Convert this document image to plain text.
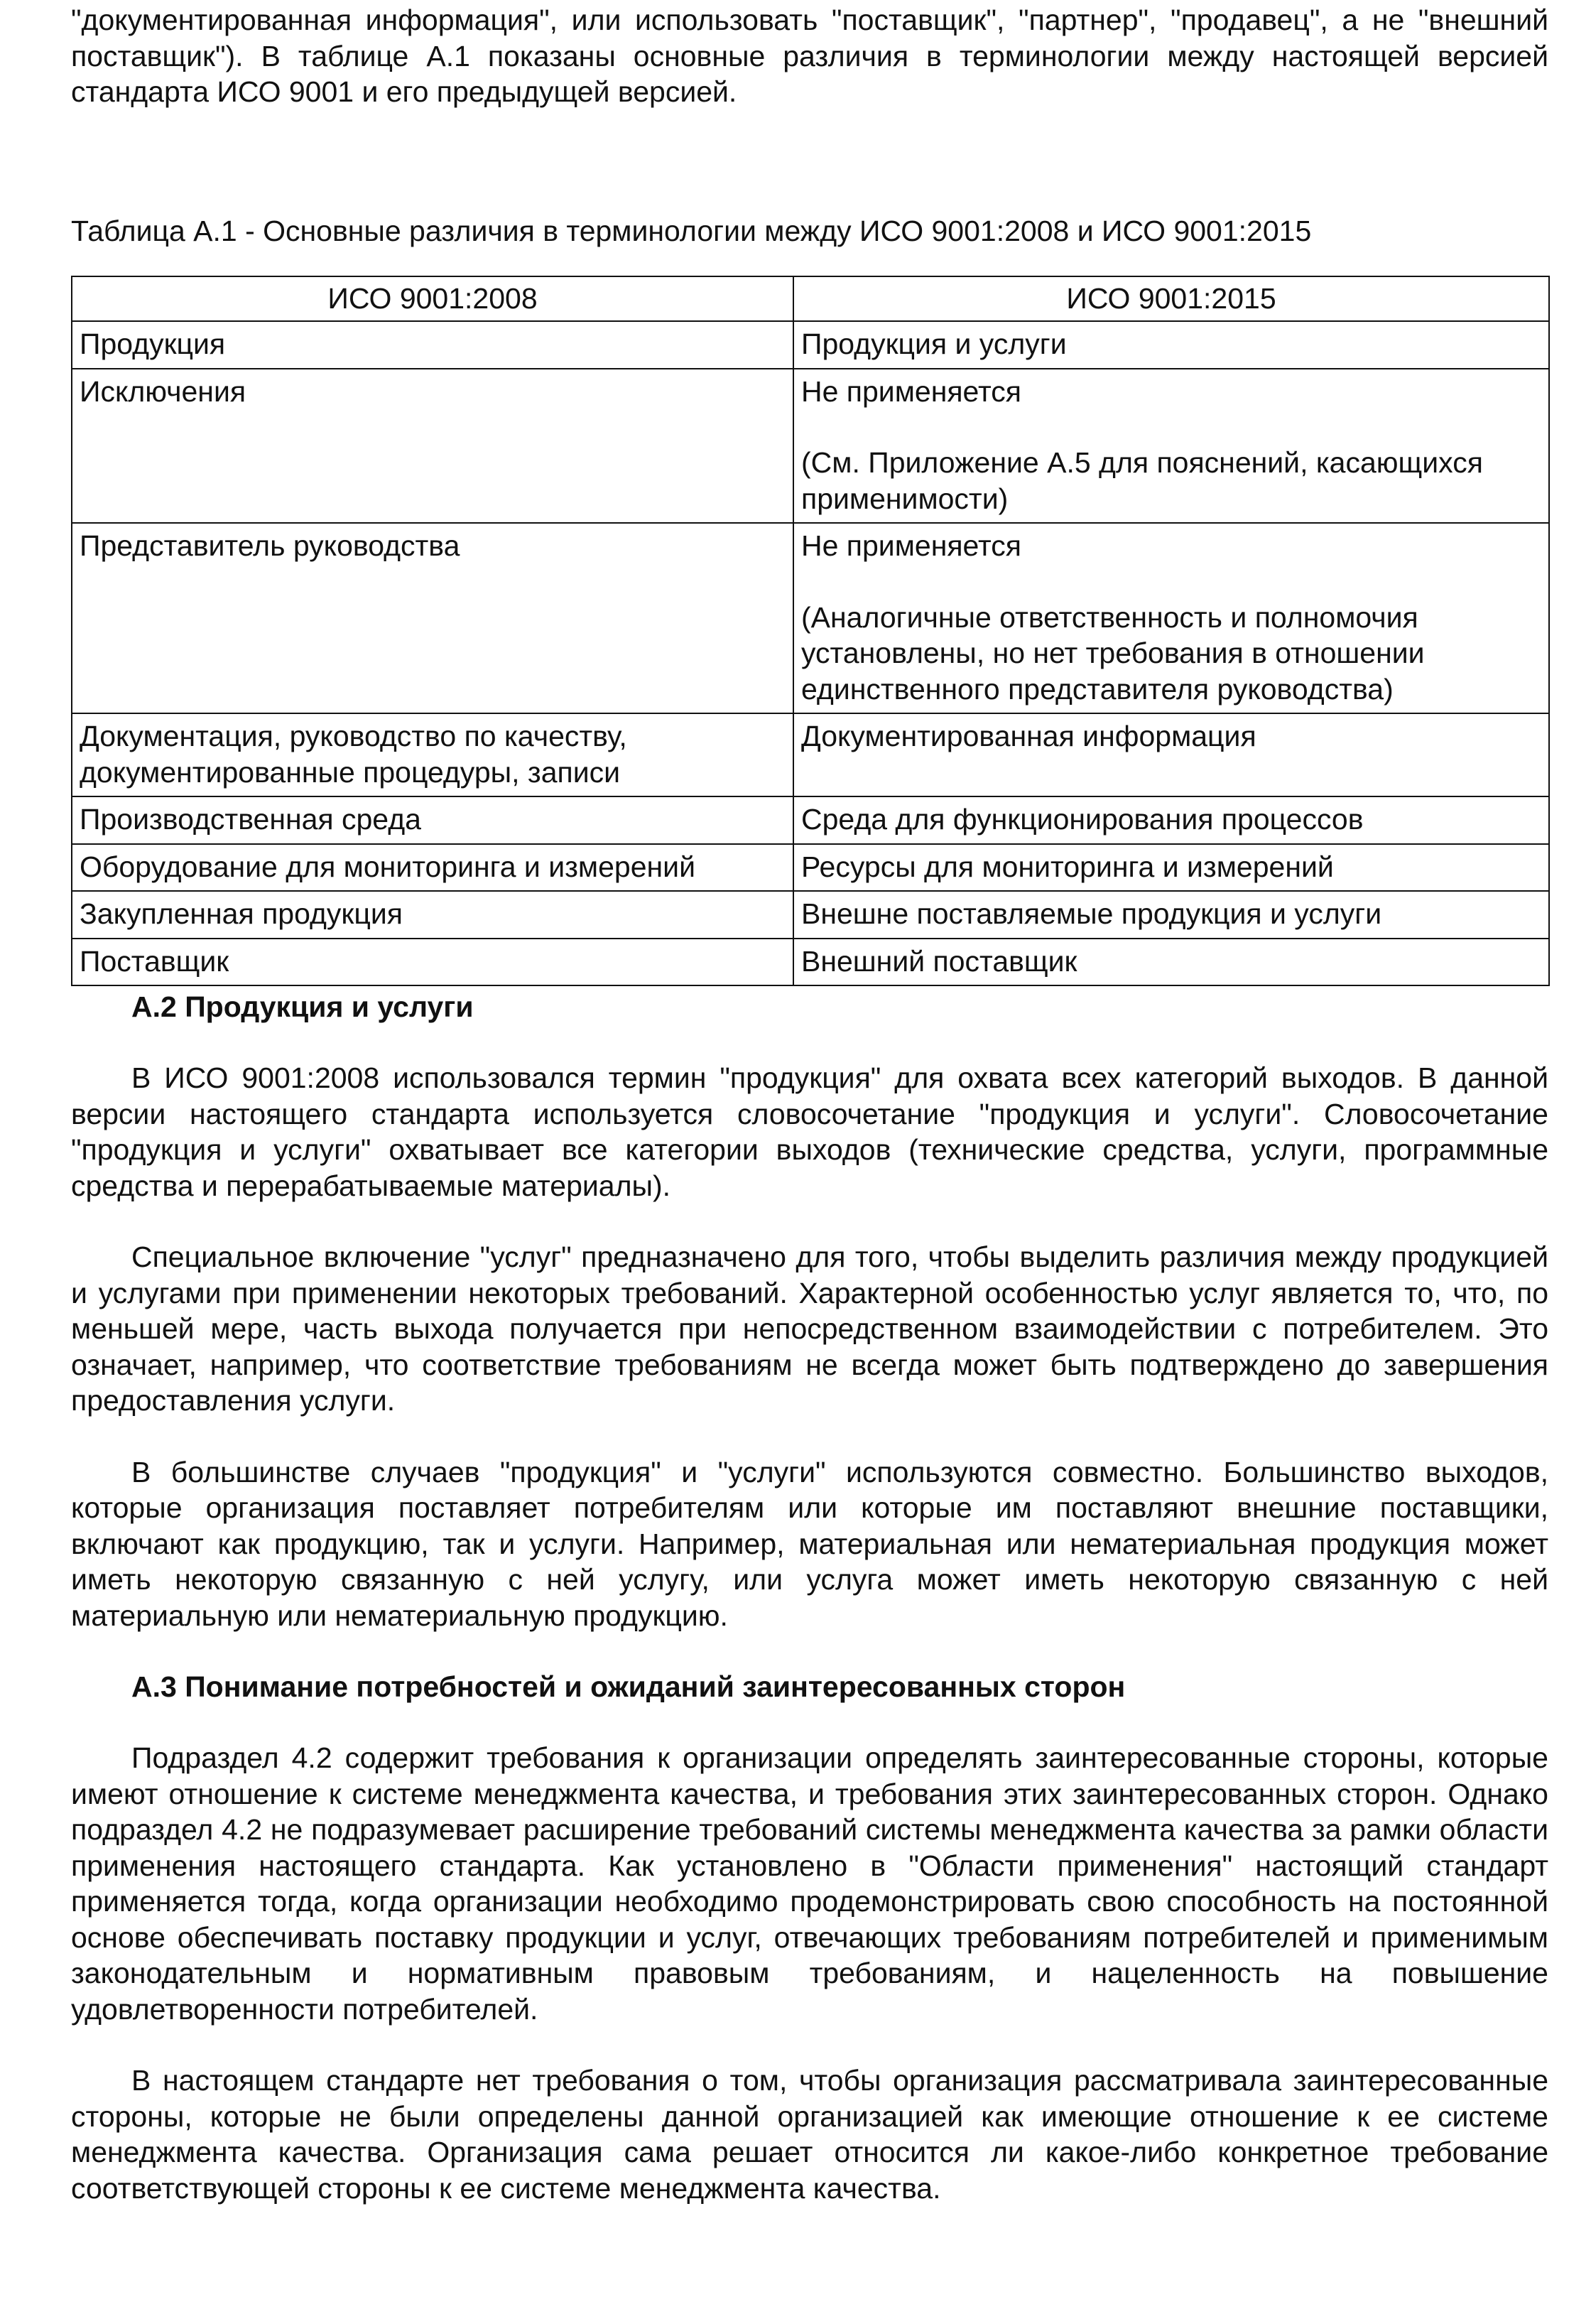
"документированная информация", или использовать "поставщик", "партнер", "продавец", а не "внешний поставщик"). В таблице А.1 показаны основные различия в терминологии между настоящей версией стандарта ИСО 9001 и его предыдущей версией.

Таблица А.1 - Основные различия в терминологии между ИСО 9001:2008 и ИСО 9001:2015

ИСО 9001:2008	ИСО 9001:2015

Продукция	Продукция и услуги

Исключения	Не применяется
(См. Приложение А.5 для пояснений, касающихся применимости)

Представитель руководства	Не применяется
(Аналогичные ответственность и полномочия установлены, но нет требования в отношении единственного представителя руководства)

Документация, руководство по качеству, документированные процедуры, записи	Документированная информация

Производственная среда	Среда для функционирования процессов

Оборудование для мониторинга и измерений	Ресурсы для мониторинга и измерений

Закупленная продукция	Внешне поставляемые продукция и услуги

Поставщик	Внешний поставщик
А.2 Продукция и услуги

В ИСО 9001:2008 использовался термин "продукция" для охвата всех категорий выходов. В данной версии настоящего стандарта используется словосочетание "продукция и услуги". Словосочетание "продукция и услуги" охватывает все категории выходов (технические средства, услуги, программные средства и перерабатываемые материалы).

Специальное включение "услуг" предназначено для того, чтобы выделить различия между продукцией и услугами при применении некоторых требований. Характерной особенностью услуг является то, что, по меньшей мере, часть выхода получается при непосредственном взаимодействии с потребителем. Это означает, например, что соответствие требованиям не всегда может быть подтверждено до завершения предоставления услуги.

В большинстве случаев "продукция" и "услуги" используются совместно. Большинство выходов, которые организация поставляет потребителям или которые им поставляют внешние поставщики, включают как продукцию, так и услуги. Например, материальная или нематериальная продукция может иметь некоторую связанную с ней услугу, или услуга может иметь некоторую связанную с ней материальную или нематериальную продукцию.

А.3 Понимание потребностей и ожиданий заинтересованных сторон

Подраздел 4.2 содержит требования к организации определять заинтересованные стороны, которые имеют отношение к системе менеджмента качества, и требования этих заинтересованных сторон. Однако подраздел 4.2 не подразумевает расширение требований системы менеджмента качества за рамки области применения настоящего стандарта. Как установлено в "Области применения" настоящий стандарт применяется тогда, когда организации необходимо продемонстрировать свою способность на постоянной основе обеспечивать поставку продукции и услуг, отвечающих требованиям потребителей и применимым законодательным и нормативным правовым требованиям, и нацеленность на повышение удовлетворенности потребителей.

В настоящем стандарте нет требования о том, чтобы организация рассматривала заинтересованные стороны, которые не были определены данной организацией как имеющие отношение к ее системе менеджмента качества. Организация сама решает относится ли какое-либо конкретное требование соответствующей стороны к ее системе менеджмента качества.
